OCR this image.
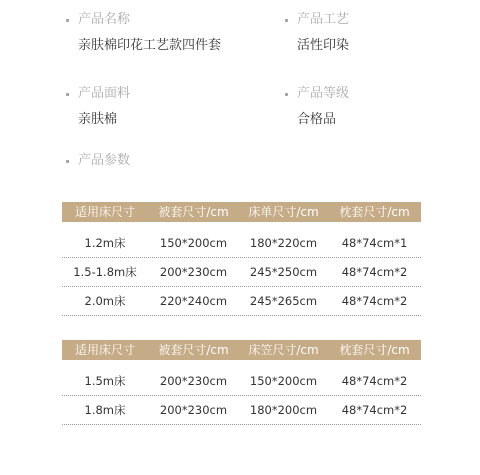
产品名称
亲肤棉印花工艺款四件套
产品工艺
活性印染
产品面料
亲肤棉
产品等级
合格品
产品参数
适用床尺寸	被套尺寸/cm	床单尺寸/cm	枕套尺寸/cm
1.2m床	150*200cm	180*220cm	48*74cm*1
1.5-1.8m床	200*230cm	245*250cm	48*74cm*2
2.0m床	220*240cm	245*265cm	48*74cm*2
适用床尺寸	被套尺寸/cm	床笠尺寸/cm	枕套尺寸/cm
1.5m床	200*230cm	150*200cm	48*74cm*2
1.8m床	200*230cm	180*200cm	48*74cm*2
